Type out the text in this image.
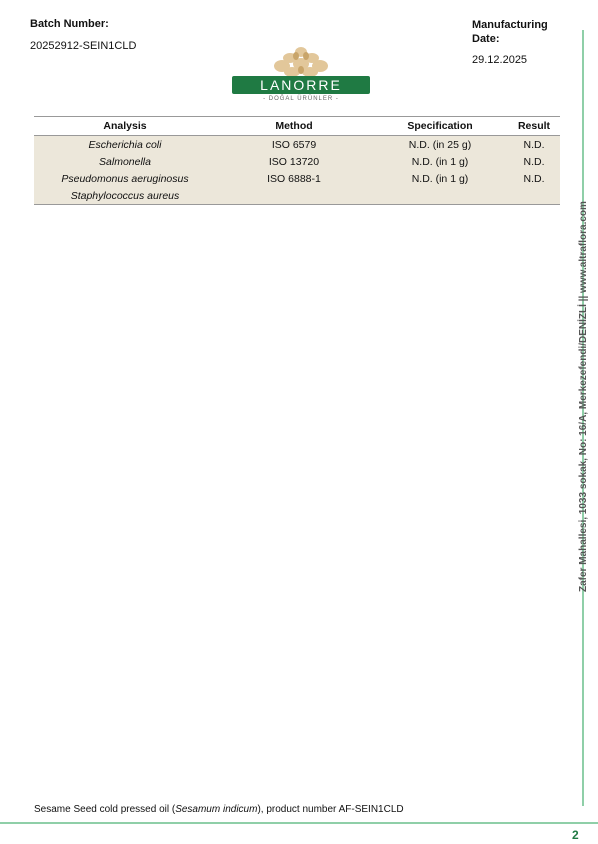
Batch Number:
20252912-SEIN1CLD
Manufacturing Date:
29.12.2025
LANORRE
- DOĞAL ÜRÜNLER -
Analysis	Method	Specification	Result
Escherichia coli	ISO 6579	N.D. (in 25 g)	N.D.
Salmonella	ISO 13720	N.D. (in 1 g)	N.D.
Pseudomonus aeruginosus	ISO 6888-1	N.D. (in 1 g)	N.D.
Staphylococcus aureus			
Zafer Mahallesi, 1033 sokak, No: 16/A, Merkezefendi/DENİZLİ || www.altraflora.com
Sesame Seed cold pressed oil (Sesamum indicum), product number AF-SEIN1CLD
2
